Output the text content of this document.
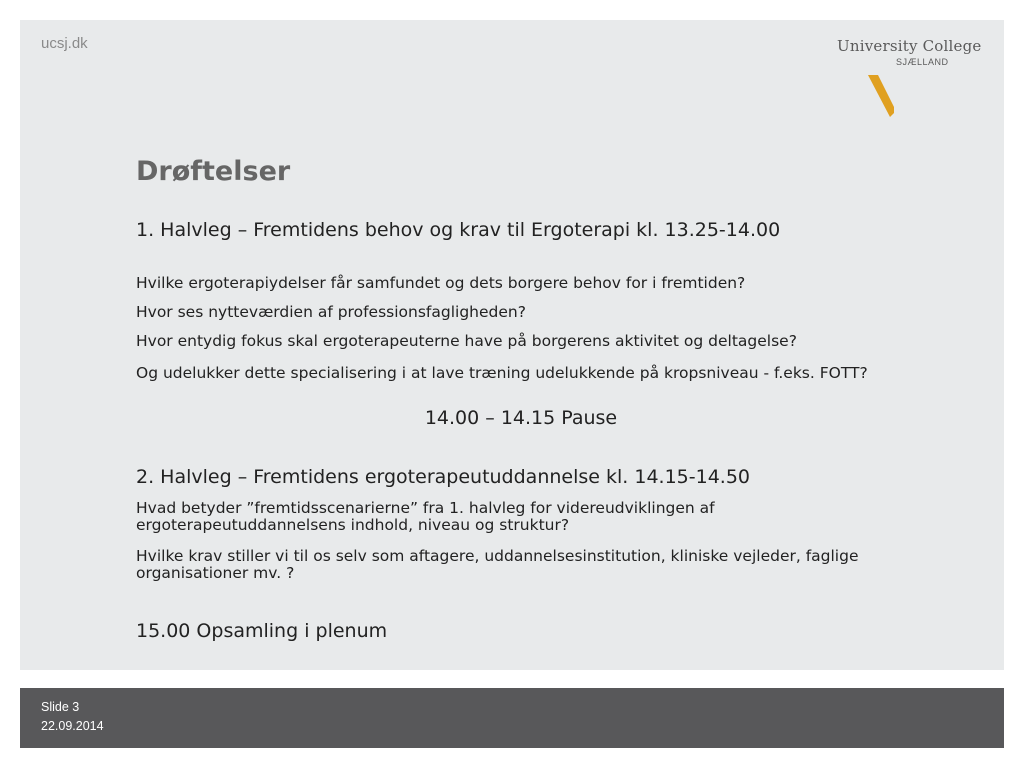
ucsj.dk	University College
SJÆLLAND
Drøftelser

1. Halvleg – Fremtidens behov og krav til Ergoterapi kl. 13.25-14.00

Hvilke ergoterapiydelser får samfundet og dets borgere behov for i fremtiden?

Hvor ses nytteværdien af professionsfagligheden?

Hvor entydig fokus skal ergoterapeuterne have på borgerens aktivitet og deltagelse?

Og udelukker dette specialisering i at lave træning udelukkende på kropsniveau - f.eks. FOTT?

14.00 – 14.15 Pause

2. Halvleg – Fremtidens ergoterapeutuddannelse kl. 14.15-14.50

Hvad betyder ”fremtidsscenarierne” fra 1. halvleg for videreudviklingen af ergoterapeutuddannelsens indhold, niveau og struktur?

Hvilke krav stiller vi til os selv som aftagere, uddannelsesinstitution, kliniske vejleder, faglige organisationer mv. ?

15.00 Opsamling i plenum

Slide 3
22.09.2014
